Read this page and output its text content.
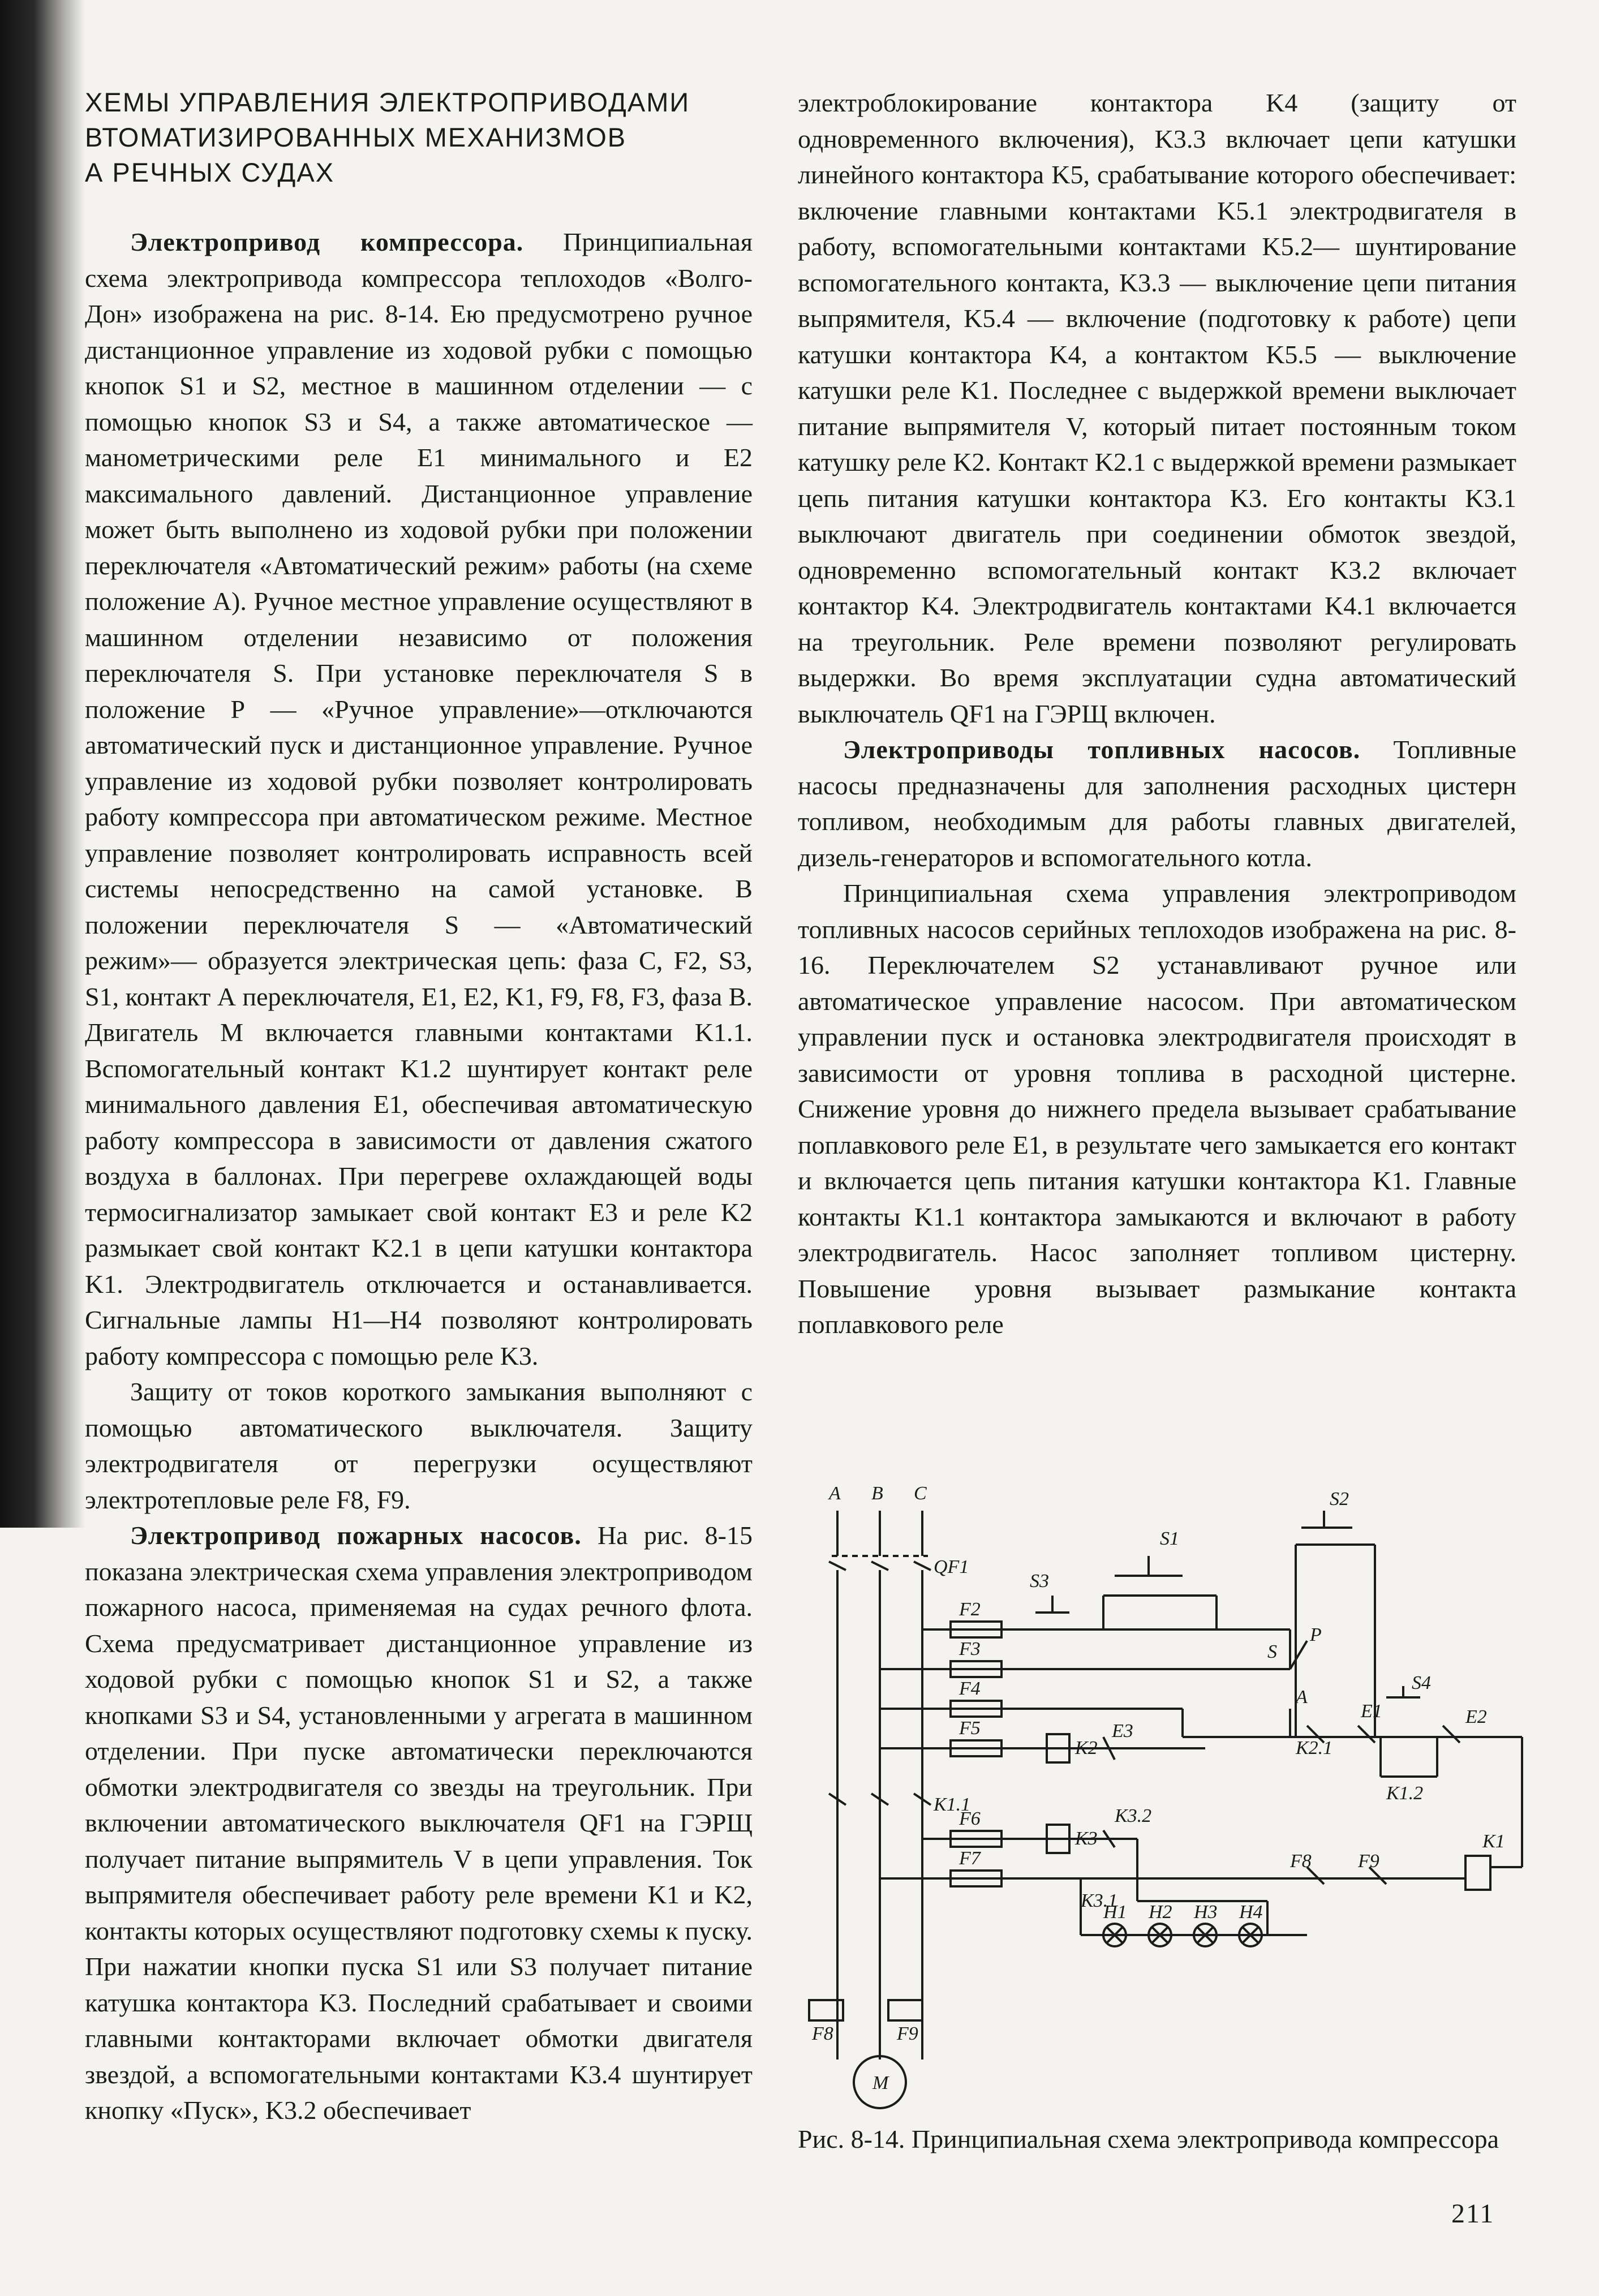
ХЕМЫ УПРАВЛЕНИЯ ЭЛЕКТРОПРИВОДАМИ
ВТОМАТИЗИРОВАННЫХ МЕХАНИЗМОВ
А РЕЧНЫХ СУДАХ

Электропривод компрессора. Принципиальная схема электропривода компрессора теплоходов «Волго-Дон» изображена на рис. 8-14. Ею предусмотрено ручное дистанционное управление из ходовой рубки с помощью кнопок S1 и S2, местное в машинном отделении — с помощью кнопок S3 и S4, а также автоматическое — манометрическими реле E1 минимального и E2 максимального давлений. Дистанционное управление может быть выполнено из ходовой рубки при положении переключателя «Автоматический режим» работы (на схеме положение А). Ручное местное управление осуществляют в машинном отделении независимо от положения переключателя S. При установке переключателя S в положение Р — «Ручное управление»—отключаются автоматический пуск и дистанционное управление. Ручное управление из ходовой рубки позволяет контролировать работу компрессора при автоматическом режиме. Местное управление позволяет контролировать исправность всей системы непосредственно на самой установке. В положении переключателя S — «Автоматический режим»— образуется электрическая цепь: фаза С, F2, S3, S1, контакт А переключателя, E1, E2, K1, F9, F8, F3, фаза В. Двигатель М включается главными контактами K1.1. Вспомогательный контакт K1.2 шунтирует контакт реле минимального давления E1, обеспечивая автоматическую работу компрессора в зависимости от давления сжатого воздуха в баллонах. При перегреве охлаждающей воды термосигнализатор замыкает свой контакт E3 и реле K2 размыкает свой контакт K2.1 в цепи катушки контактора K1. Электродвигатель отключается и останавливается. Сигнальные лампы H1—H4 позволяют контролировать работу компрессора с помощью реле K3.

Защиту от токов короткого замыкания выполняют с помощью автоматического выключателя. Защиту электродвигателя от перегрузки осуществляют электротепловые реле F8, F9.

Электропривод пожарных насосов. На рис. 8-15 показана электрическая схема управления электроприводом пожарного насоса, применяемая на судах речного флота. Схема предусматривает дистанционное управление из ходовой рубки с помощью кнопок S1 и S2, а также кнопками S3 и S4, установленными у агрегата в машинном отделении. При пуске автоматически переключаются обмотки электродвигателя со звезды на треугольник. При включении автоматического выключателя QF1 на ГЭРЩ получает питание выпрямитель V в цепи управления. Ток выпрямителя обеспечивает работу реле времени K1 и K2, контакты которых осуществляют подготовку схемы к пуску. При нажатии кнопки пуска S1 или S3 получает питание катушка контактора K3. Последний срабатывает и своими главными контакторами включает обмотки двигателя звездой, а вспомогательными контактами K3.4 шунтирует кнопку «Пуск», K3.2 обеспечивает

электроблокирование контактора K4 (защиту от одновременного включения), K3.3 включает цепи катушки линейного контактора K5, срабатывание которого обеспечивает: включение главными контактами K5.1 электродвигателя в работу, вспомогательными контактами K5.2— шунтирование вспомогательного контакта, K3.3 — выключение цепи питания выпрямителя, K5.4 — включение (подготовку к работе) цепи катушки контактора K4, а контактом K5.5 — выключение катушки реле K1. Последнее с выдержкой времени выключает питание выпрямителя V, который питает постоянным током катушку реле K2. Контакт K2.1 с выдержкой времени размыкает цепь питания катушки контактора K3. Его контакты K3.1 выключают двигатель при соединении обмоток звездой, одновременно вспомогательный контакт K3.2 включает контактор K4. Электродвигатель контактами K4.1 включается на треугольник. Реле времени позволяют регулировать выдержки. Во время эксплуатации судна автоматический выключатель QF1 на ГЭРЩ включен.

Электроприводы топливных насосов. Топливные насосы предназначены для заполнения расходных цистерн топливом, необходимым для работы главных двигателей, дизель-генераторов и вспомогательного котла.

Принципиальная схема управления электроприводом топливных насосов серийных теплоходов изображена на рис. 8-16. Переключателем S2 устанавливают ручное или автоматическое управление насосом. При автоматическом управлении пуск и остановка электродвигателя происходят в зависимости от уровня топлива в расходной цистерне. Снижение уровня до нижнего предела вызывает срабатывание поплавкового реле E1, в результате чего замыкается его контакт и включается цепь питания катушки контактора K1. Главные контакты K1.1 контактора замыкаются и включают в работу электродвигатель. Насос заполняет топливом цистерну. Повышение уровня вызывает размыкание контакта поплавкового реле

A B C
QF1
F2
F3
F4
F5
F6
F7
S1
S2
S3
S4
S
P
A
E1	E2
E3
K1
K1.1
K1.2
K2	K2.1
K3
K3.1
K3.2
H1 H2 H3 H4
F8 F9
F8	F9
M
Рис. 8-14. Принципиальная схема электропривода компрессора
211
